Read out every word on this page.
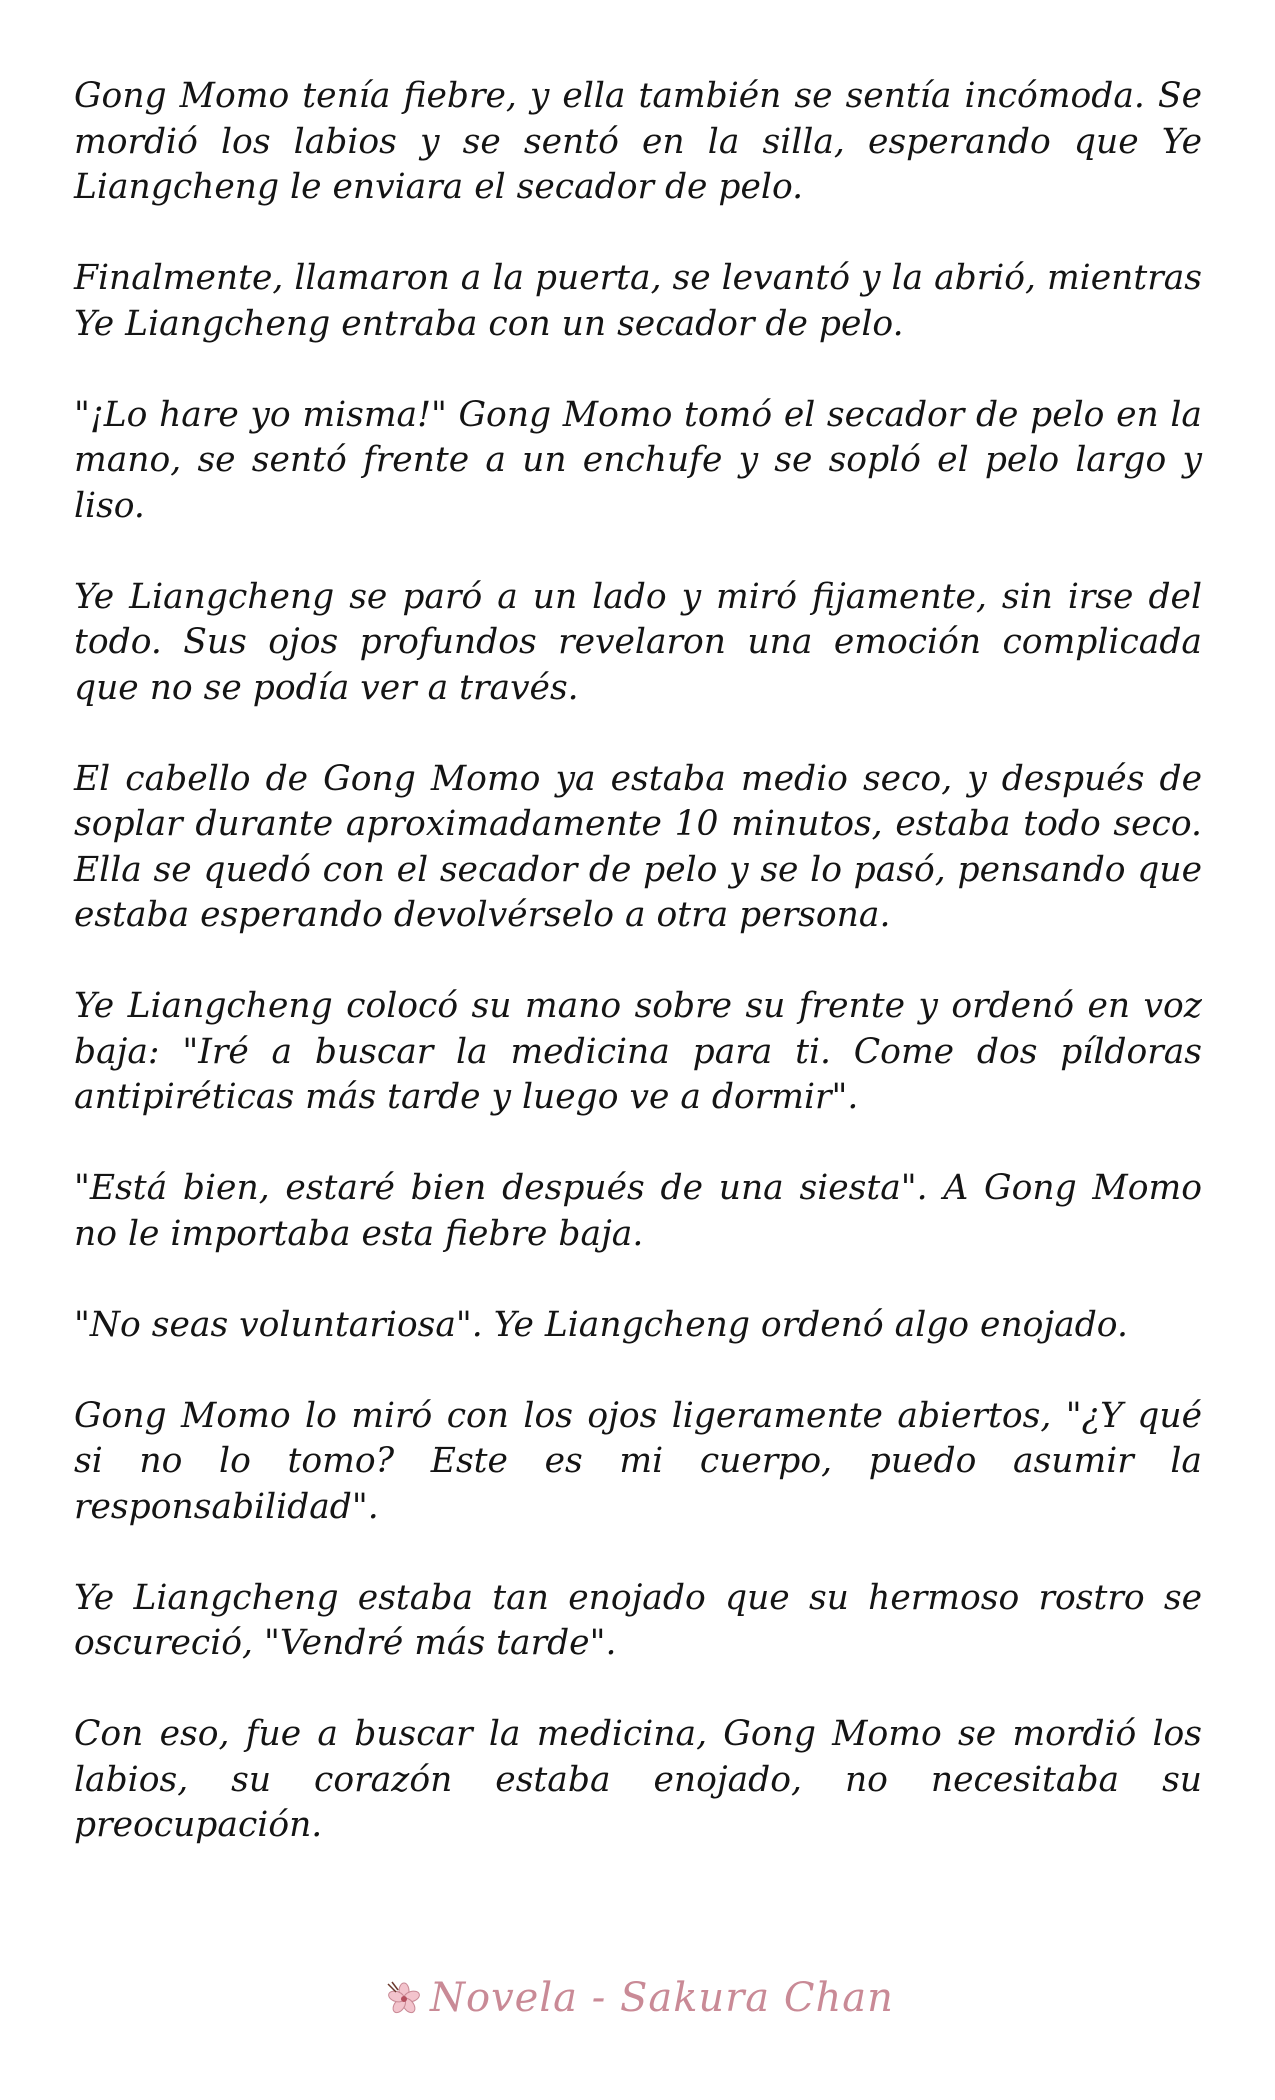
Gong Momo tenía fiebre, y ella también se sentía incómoda. Se mordió los labios y se sentó en la silla, esperando que Ye Liangcheng le enviara el secador de pelo.

Finalmente, llamaron a la puerta, se levantó y la abrió, mientras Ye Liangcheng entraba con un secador de pelo.

"¡Lo hare yo misma!" Gong Momo tomó el secador de pelo en la mano, se sentó frente a un enchufe y se sopló el pelo largo y liso.

Ye Liangcheng se paró a un lado y miró fijamente, sin irse del todo. Sus ojos profundos revelaron una emoción complicada que no se podía ver a través.

El cabello de Gong Momo ya estaba medio seco, y después de soplar durante aproximadamente 10 minutos, estaba todo seco. Ella se quedó con el secador de pelo y se lo pasó, pensando que estaba esperando devolvérselo a otra persona.

Ye Liangcheng colocó su mano sobre su frente y ordenó en voz baja: "Iré a buscar la medicina para ti. Come dos píldoras antipiréticas más tarde y luego ve a dormir".

"Está bien, estaré bien después de una siesta". A Gong Momo no le importaba esta fiebre baja.

"No seas voluntariosa". Ye Liangcheng ordenó algo enojado.

Gong Momo lo miró con los ojos ligeramente abiertos, "¿Y qué si no lo tomo? Este es mi cuerpo, puedo asumir la responsabilidad".

Ye Liangcheng estaba tan enojado que su hermoso rostro se oscureció, "Vendré más tarde".

Con eso, fue a buscar la medicina, Gong Momo se mordió los labios, su corazón estaba enojado, no necesitaba su preocupación.

Novela - Sakura Chan
